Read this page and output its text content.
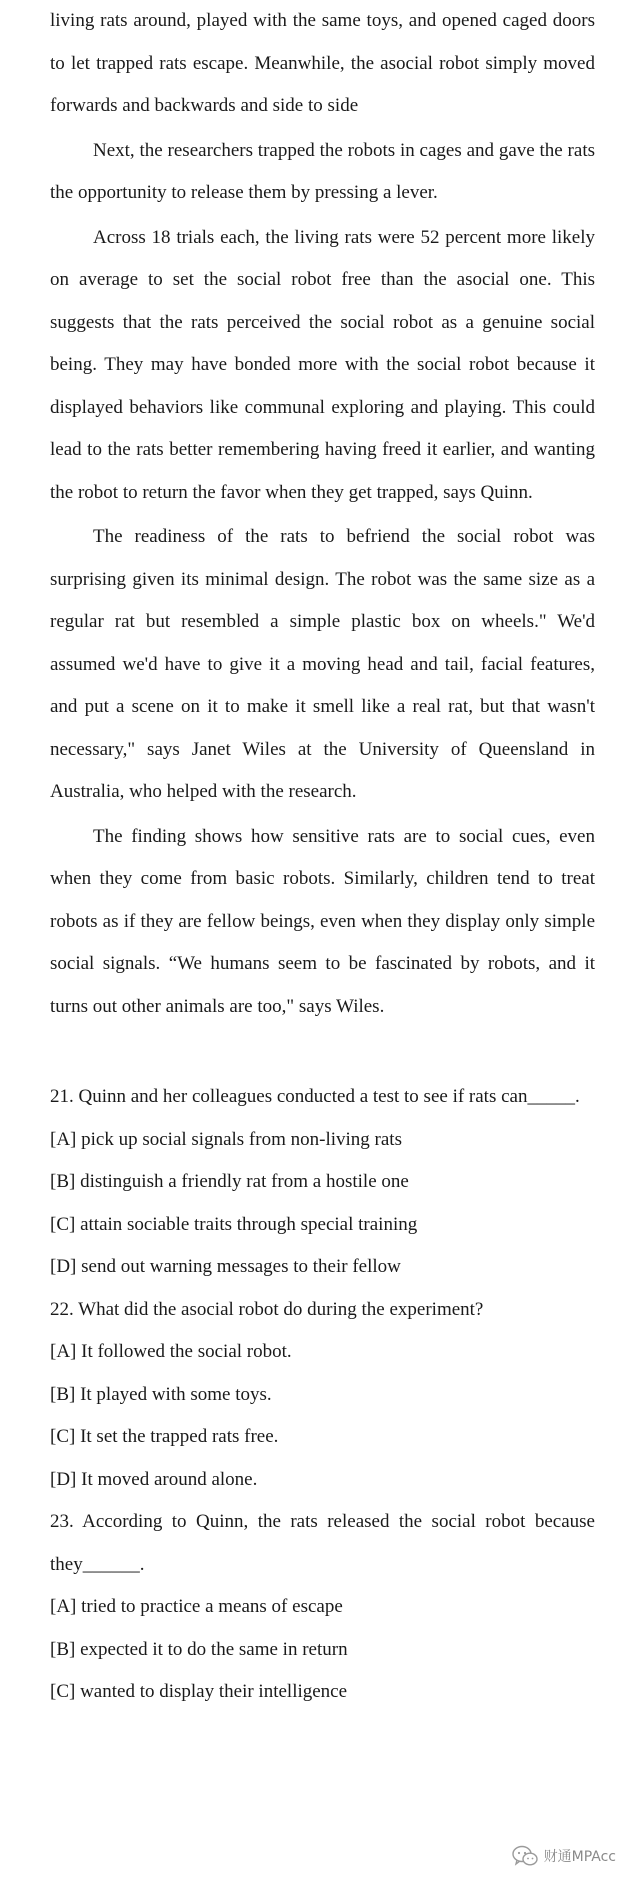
living rats around, played with the same toys, and opened caged doors to let trapped rats escape. Meanwhile, the asocial robot simply moved forwards and backwards and side to side

Next, the researchers trapped the robots in cages and gave the rats the opportunity to release them by pressing a lever.

Across 18 trials each, the living rats were 52 percent more likely on average to set the social robot free than the asocial one. This suggests that the rats perceived the social robot as a genuine social being. They may have bonded more with the social robot because it displayed behaviors like communal exploring and playing. This could lead to the rats better remembering having freed it earlier, and wanting the robot to return the favor when they get trapped, says Quinn.

The readiness of the rats to befriend the social robot was surprising given its minimal design. The robot was the same size as a regular rat but resembled a simple plastic box on wheels." We'd assumed we'd have to give it a moving head and tail, facial features, and put a scene on it to make it smell like a real rat, but that wasn't necessary," says Janet Wiles at the University of Queensland in Australia, who helped with the research.

The finding shows how sensitive rats are to social cues, even when they come from basic robots. Similarly, children tend to treat robots as if they are fellow beings, even when they display only simple social signals. “We humans seem to be fascinated by robots, and it turns out other animals are too," says Wiles.

21. Quinn and her colleagues conducted a test to see if rats can_____.

[A] pick up social signals from non-living rats

[B] distinguish a friendly rat from a hostile one

[C] attain sociable traits through special training

[D] send out warning messages to their fellow

22. What did the asocial robot do during the experiment?

[A] It followed the social robot.

[B] It played with some toys.

[C] It set the trapped rats free.

[D] It moved around alone.

23. According to Quinn, the rats released the social robot because they______.

[A] tried to practice a means of escape

[B] expected it to do the same in return

[C] wanted to display their intelligence

财通MPAcc
